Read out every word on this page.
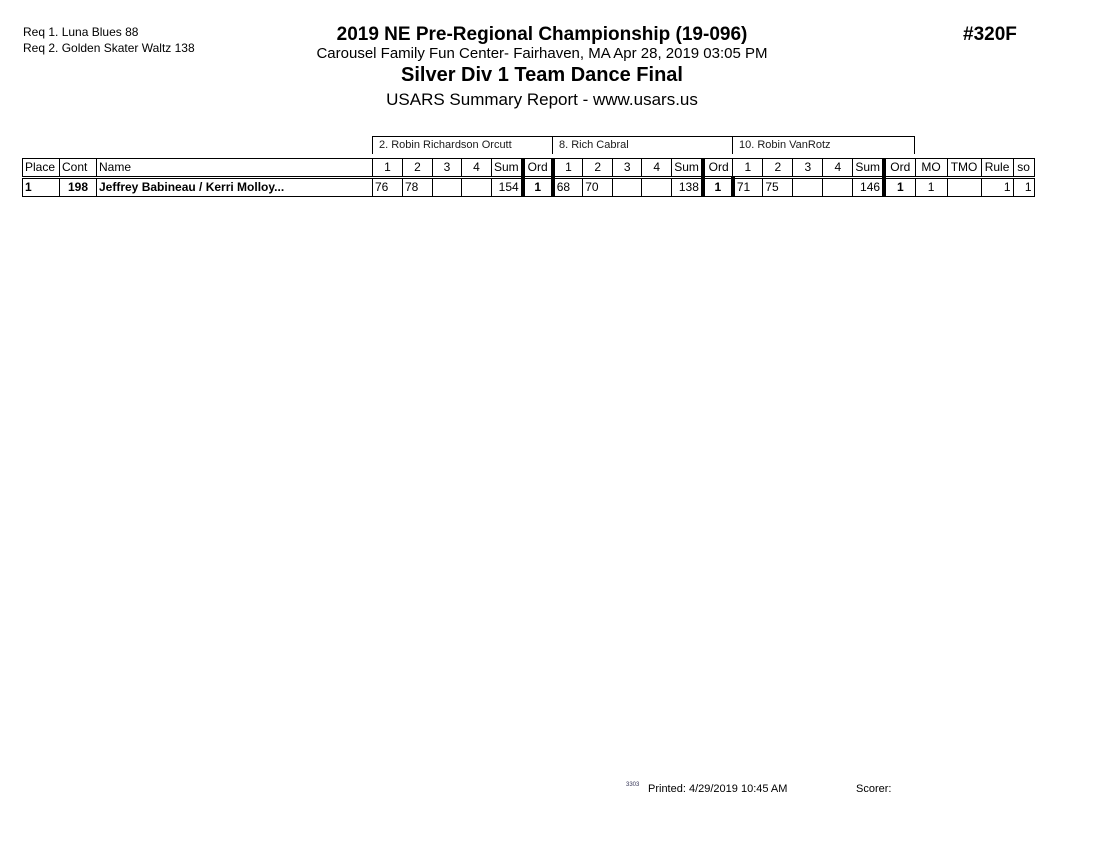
Req 1. Luna Blues 88
Req 2. Golden Skater Waltz 138
2019 NE Pre-Regional Championship (19-096)
Carousel Family Fun Center- Fairhaven, MA Apr 28, 2019 03:05 PM
Silver Div 1 Team Dance Final
USARS Summary Report - www.usars.us
#320F
2. Robin Richardson Orcutt	8. Rich Cabral	10. Robin VanRotz
Place	Cont	Name	1	2	3	4	Sum	Ord	1	2	3	4	Sum	Ord	1	2	3	4	Sum	Ord	MO	TMO	Rule	so
1	198	Jeffrey Babineau / Kerri Molloy...	76	78			154	1	68	70			138	1	71	75			146	1	1		1	1
3303 Printed: 4/29/2019 10:45 AM	Scorer:
